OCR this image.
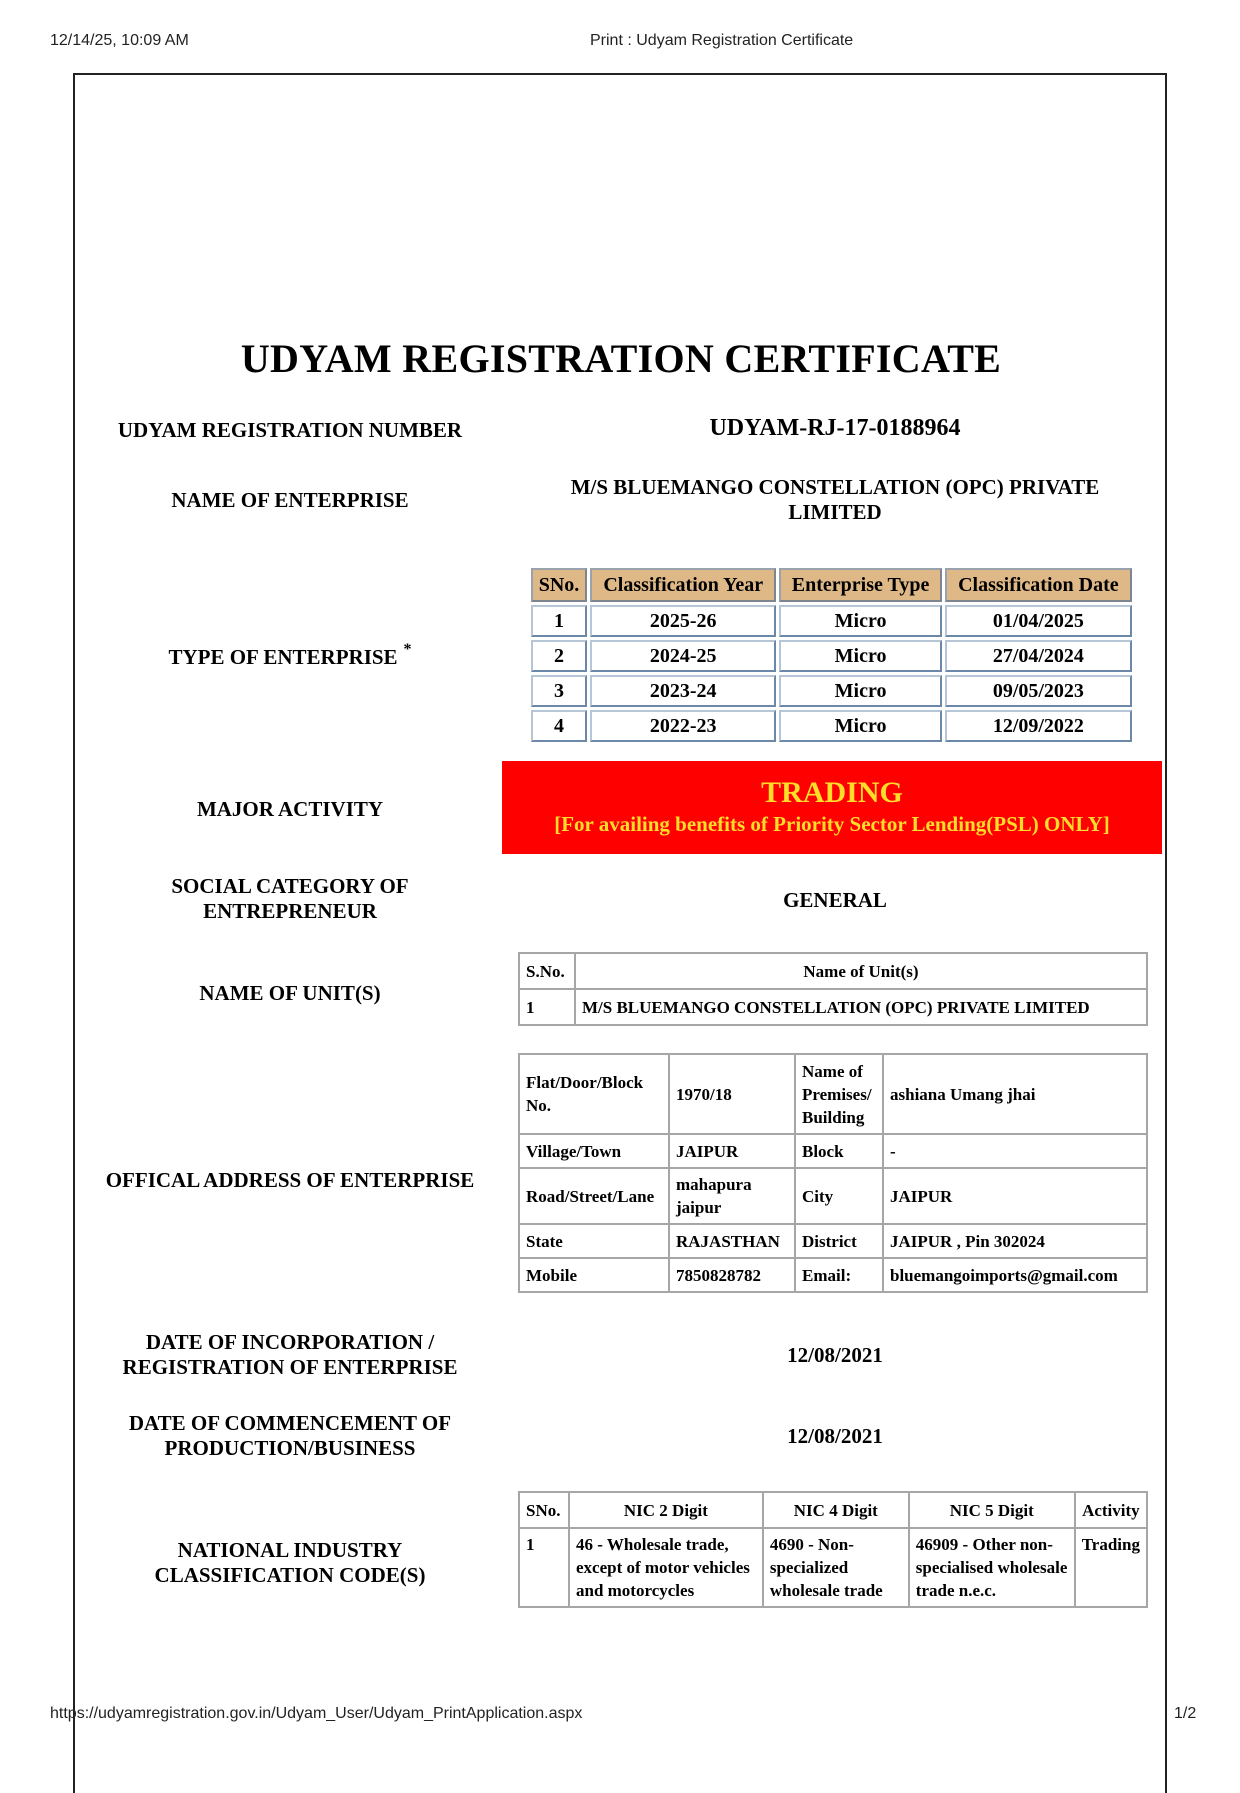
12/14/25, 10:09 AM	Print : Udyam Registration Certificate
UDYAM REGISTRATION CERTIFICATE
UDYAM REGISTRATION NUMBER	UDYAM-RJ-17-0188964
NAME OF ENTERPRISE
M/S BLUEMANGO CONSTELLATION (OPC) PRIVATE LIMITED
TYPE OF ENTERPRISE *
SNo.	Classification Year	Enterprise Type	Classification Date
1	2025-26	Micro	01/04/2025
2	2024-25	Micro	27/04/2024
3	2023-24	Micro	09/05/2023
4	2022-23	Micro	12/09/2022
MAJOR ACTIVITY	TRADING
[For availing benefits of Priority Sector Lending(PSL) ONLY]
SOCIAL CATEGORY OF ENTREPRENEUR	GENERAL
NAME OF UNIT(S)
S.No.	Name of Unit(s)
1	M/S BLUEMANGO CONSTELLATION (OPC) PRIVATE LIMITED
OFFICAL ADDRESS OF ENTERPRISE
Flat/Door/Block No.	1970/18	Name of Premises/ Building	ashiana Umang jhai
Village/Town	JAIPUR	Block	-
Road/Street/Lane	mahapura jaipur	City	JAIPUR
State	RAJASTHAN	District	JAIPUR , Pin 302024
Mobile	7850828782	Email:	bluemangoimports@gmail.com
DATE OF INCORPORATION / REGISTRATION OF ENTERPRISE	12/08/2021
DATE OF COMMENCEMENT OF PRODUCTION/BUSINESS	12/08/2021
NATIONAL INDUSTRY CLASSIFICATION CODE(S)
SNo.	NIC 2 Digit	NIC 4 Digit	NIC 5 Digit	Activity
1	46 - Wholesale trade, except of motor vehicles and motorcycles	4690 - Non-specialized wholesale trade	46909 - Other non-specialised wholesale trade n.e.c.	Trading
https://udyamregistration.gov.in/Udyam_User/Udyam_PrintApplication.aspx	1/2
